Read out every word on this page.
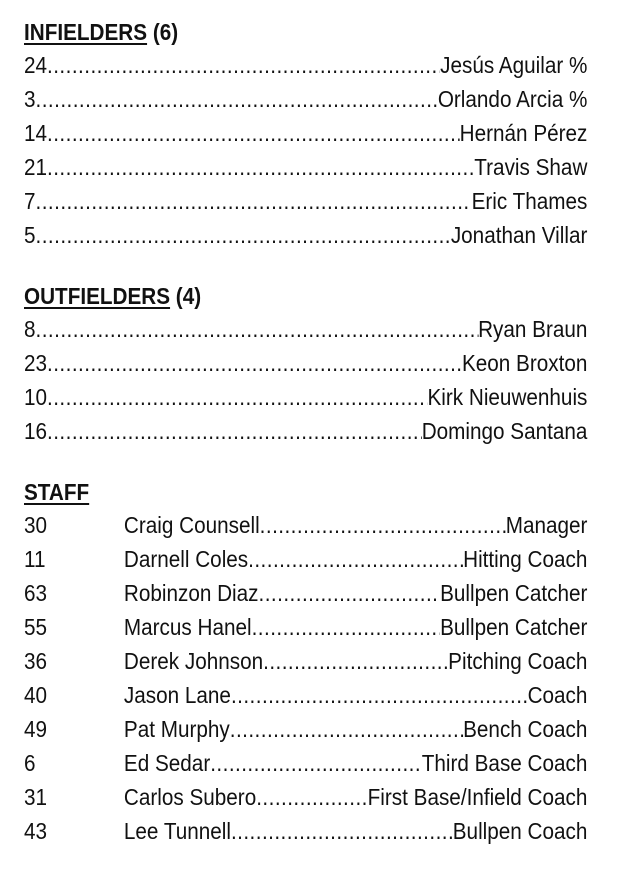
INFIELDERS (6)
24 .....	Jesús Aguilar %
3 .....	Orlando Arcia %
14 .....	Hernán Pérez
21 .....	Travis Shaw
7 .....	Eric Thames
5 .....	Jonathan Villar
OUTFIELDERS (4)
8 .....	Ryan Braun
23 .....	Keon Broxton
10 .....	Kirk Nieuwenhuis
16 .....	Domingo Santana
STAFF
30	Craig Counsell .....	Manager
11	Darnell Coles .....	Hitting Coach
63	Robinzon Diaz .....	Bullpen Catcher
55	Marcus Hanel .....	Bullpen Catcher
36	Derek Johnson .....	Pitching Coach
40	Jason Lane .....	Coach
49	Pat Murphy .....	Bench Coach
6	Ed Sedar .....	Third Base Coach
31	Carlos Subero .....	First Base/Infield Coach
43	Lee Tunnell .....	Bullpen Coach
